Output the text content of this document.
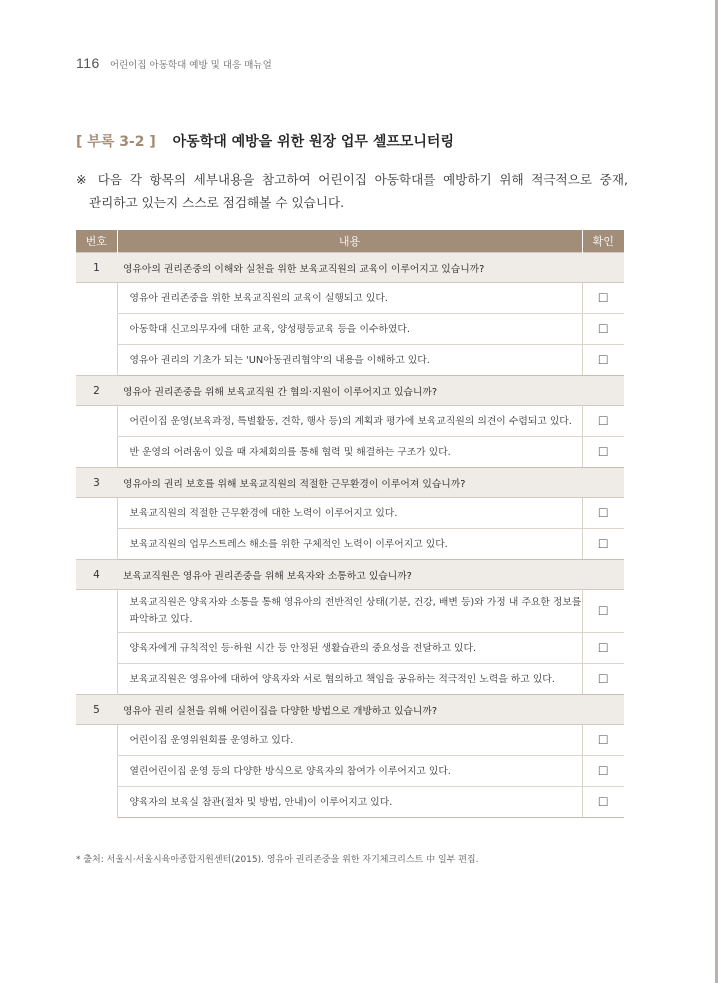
116 어린이집 아동학대 예방 및 대응 매뉴얼
[ 부록 3-2 ] 아동학대 예방을 위한 원장 업무 셀프모니터링
※ 다음 각 항목의 세부내용을 참고하여 어린이집 아동학대를 예방하기 위해 적극적으로 중재,
관리하고 있는지 스스로 점검해볼 수 있습니다.
번호	내용	확인
1	영유아의 권리존중의 이해와 실천을 위한 보육교직원의 교육이 이루어지고 있습니까?	
	영유아 권리존중을 위한 보육교직원의 교육이 실행되고 있다.	☐
	아동학대 신고의무자에 대한 교육, 양성평등교육 등을 이수하였다.	☐
	영유아 권리의 기초가 되는 'UN아동권리협약'의 내용을 이해하고 있다.	☐
2	영유아 권리존중을 위해 보육교직원 간 협의·지원이 이루어지고 있습니까?	
	어린이집 운영(보육과정, 특별활동, 견학, 행사 등)의 계획과 평가에 보육교직원의 의견이 수렴되고 있다.	☐
	반 운영의 어려움이 있을 때 자체회의를 통해 협력 및 해결하는 구조가 있다.	☐
3	영유아의 권리 보호를 위해 보육교직원의 적절한 근무환경이 이루어져 있습니까?	
	보육교직원의 적절한 근무환경에 대한 노력이 이루어지고 있다.	☐
	보육교직원의 업무스트레스 해소를 위한 구체적인 노력이 이루어지고 있다.	☐
4	보육교직원은 영유아 권리존중을 위해 보육자와 소통하고 있습니까?	
	보육교직원은 양육자와 소통을 통해 영유아의 전반적인 상태(기분, 건강, 배변 등)와 가정 내 주요한 정보를 파악하고 있다.	☐
	양육자에게 규칙적인 등·하원 시간 등 안정된 생활습관의 중요성을 전달하고 있다.	☐
	보육교직원은 영유아에 대하여 양육자와 서로 협의하고 책임을 공유하는 적극적인 노력을 하고 있다.	☐
5	영유아 권리 실천을 위해 어린이집을 다양한 방법으로 개방하고 있습니까?	
	어린이집 운영위원회를 운영하고 있다.	☐
	열린어린이집 운영 등의 다양한 방식으로 양육자의 참여가 이루어지고 있다.	☐
	양육자의 보육실 참관(절차 및 방법, 안내)이 이루어지고 있다.	☐
* 출처: 서울시·서울시육아종합지원센터(2015). 영유아 권리존중을 위한 자기체크리스트 中 일부 편집.
